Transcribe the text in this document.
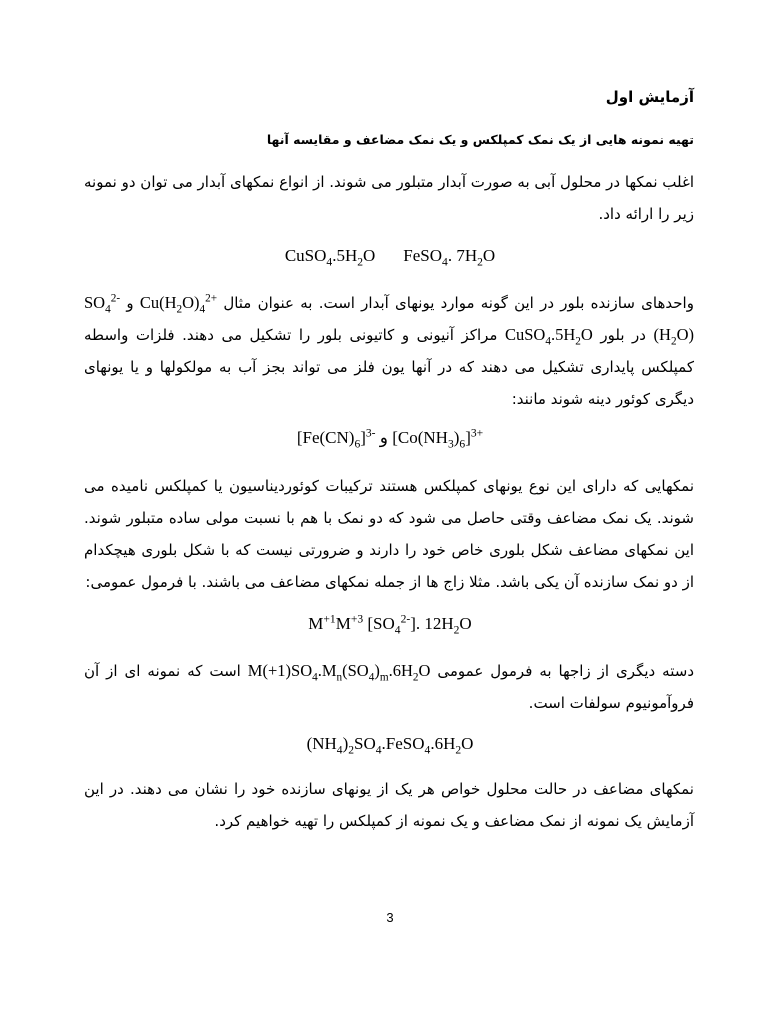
آزمایش اول
تهیه نمونه هایی از یک نمک کمپلکس و یک نمک مضاعف و مقایسه آنها
اغلب نمکها در محلول آبی به صورت آبدار متبلور می شوند. از انواع نمکهای آبدار می توان دو نمونه زیر را ارائه داد.
$CuSO_4.5H_2O$ FeSO$_4$. $7H_2O$
واحدهای سازنده بلور در این گونه موارد یونهای آبدار است. به عنوان مثال $Cu(H_2O)_4^{2+}$ و $SO_4^{2-}$ $(H_2O)$ در بلور $CuSO_4.5H_2O$ مراکز آنیونی و کاتیونی بلور را تشکیل می دهند. فلزات واسطه کمپلکس پایداری تشکیل می دهند که در آنها یون فلز می تواند بجز آب به مولکولها و یا یونهای دیگری کوئور دینه شوند مانند:
$[Fe(CN)_6]^{3-}$ و $[Co(NH_3)_6]^{3+}$
نمکهایی که دارای این نوع یونهای کمپلکس هستند ترکیبات کوئوردیناسیون یا کمپلکس نامیده می شوند. یک نمک مضاعف وقتی حاصل می شود که دو نمک با هم با نسبت مولی ساده متبلور شوند. این نمکهای مضاعف شکل بلوری خاص خود را دارند و ضرورتی نیست که با شکل بلوری هیچکدام از دو نمک سازنده آن یکی باشد. مثلا زاج ها از جمله نمکهای مضاعف می باشند. با فرمول عمومی:
$M^{+1}M^{+3}$ $[SO_4^{2-}]$. $12H_2O$
دسته دیگری از زاجها به فرمول عمومی $M(+1)SO_4.M_n(SO_4)_m.6H_2O$ است که نمونه ای از آن فروآمونیوم سولفات است.
$(NH_4)_2SO_4.FeSO_4.6H_2O$
نمکهای مضاعف در حالت محلول خواص هر یک از یونهای سازنده خود را نشان می دهند. در این آزمایش یک نمونه از نمک مضاعف و یک نمونه از کمپلکس را تهیه خواهیم کرد.
3
